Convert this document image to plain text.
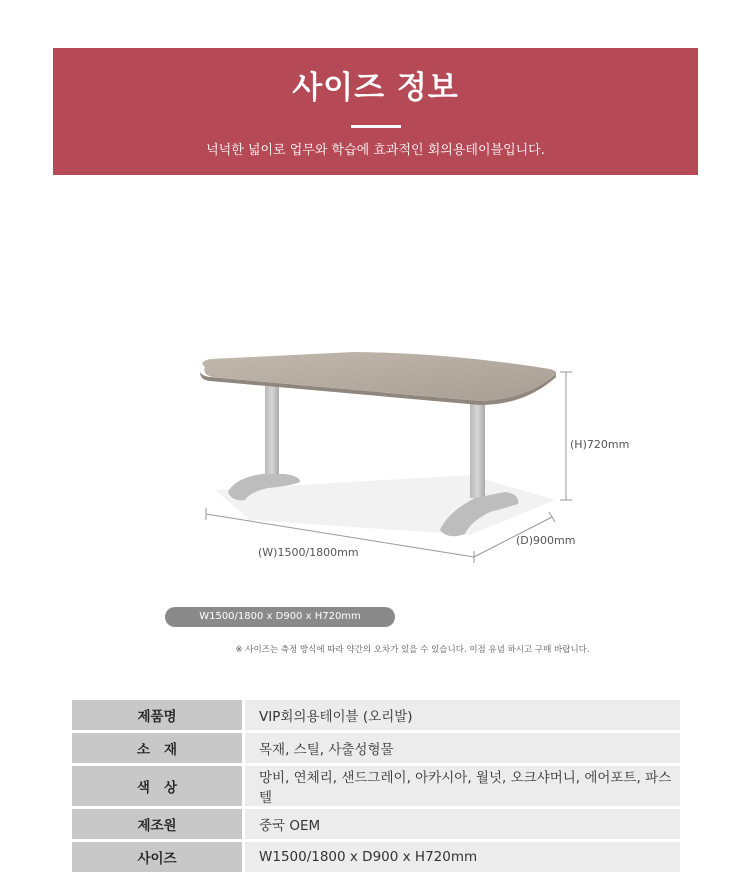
사이즈 정보
넉넉한 넓이로 업무와 학습에 효과적인 회의용테이블입니다.
(H)720mm
(D)900mm
(W)1500/1800mm
W1500/1800 x D900 x H720mm
※ 사이즈는 측정 방식에 따라 약간의 오차가 있을 수 있습니다. 이점 유념 하시고 구매 바랍니다.
제품명	VIP회의용테이블 (오리발)
소   재	목재, 스틸, 사출성형물
색   상	망비, 연체리, 샌드그레이, 아카시아, 월넛, 오크샤머니, 에어포트, 파스텔
제조원	중국 OEM
사이즈	W1500/1800 x D900 x H720mm
